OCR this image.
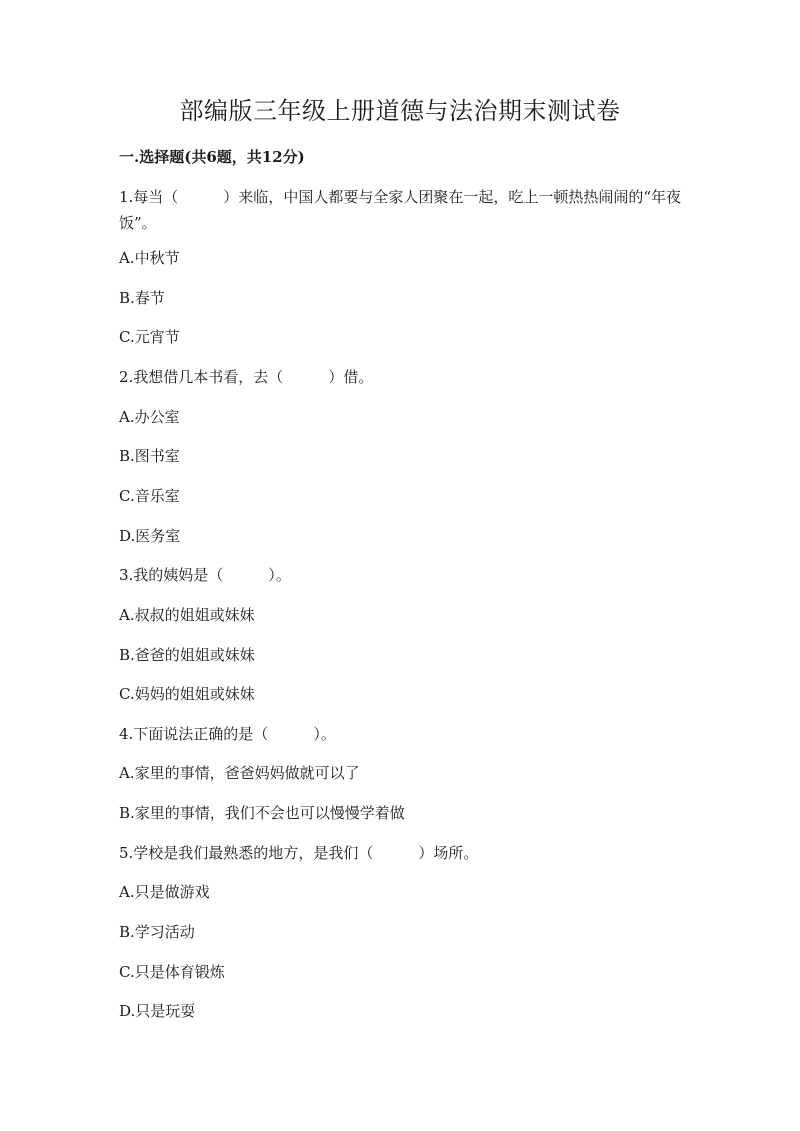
部编版三年级上册道德与法治期末测试卷

一.选择题(共6题，共12分)

1.每当（　　　）来临，中国人都要与全家人团聚在一起，吃上一顿热热闹闹的“年夜饭”。

A.中秋节

B.春节

C.元宵节

2.我想借几本书看，去（　　　）借。

A.办公室

B.图书室

C.音乐室

D.医务室

3.我的姨妈是（　　　）。

A.叔叔的姐姐或妹妹

B.爸爸的姐姐或妹妹

C.妈妈的姐姐或妹妹

4.下面说法正确的是（　　　）。

A.家里的事情，爸爸妈妈做就可以了

B.家里的事情，我们不会也可以慢慢学着做

5.学校是我们最熟悉的地方，是我们（　　　）场所。

A.只是做游戏

B.学习活动

C.只是体育锻炼

D.只是玩耍
